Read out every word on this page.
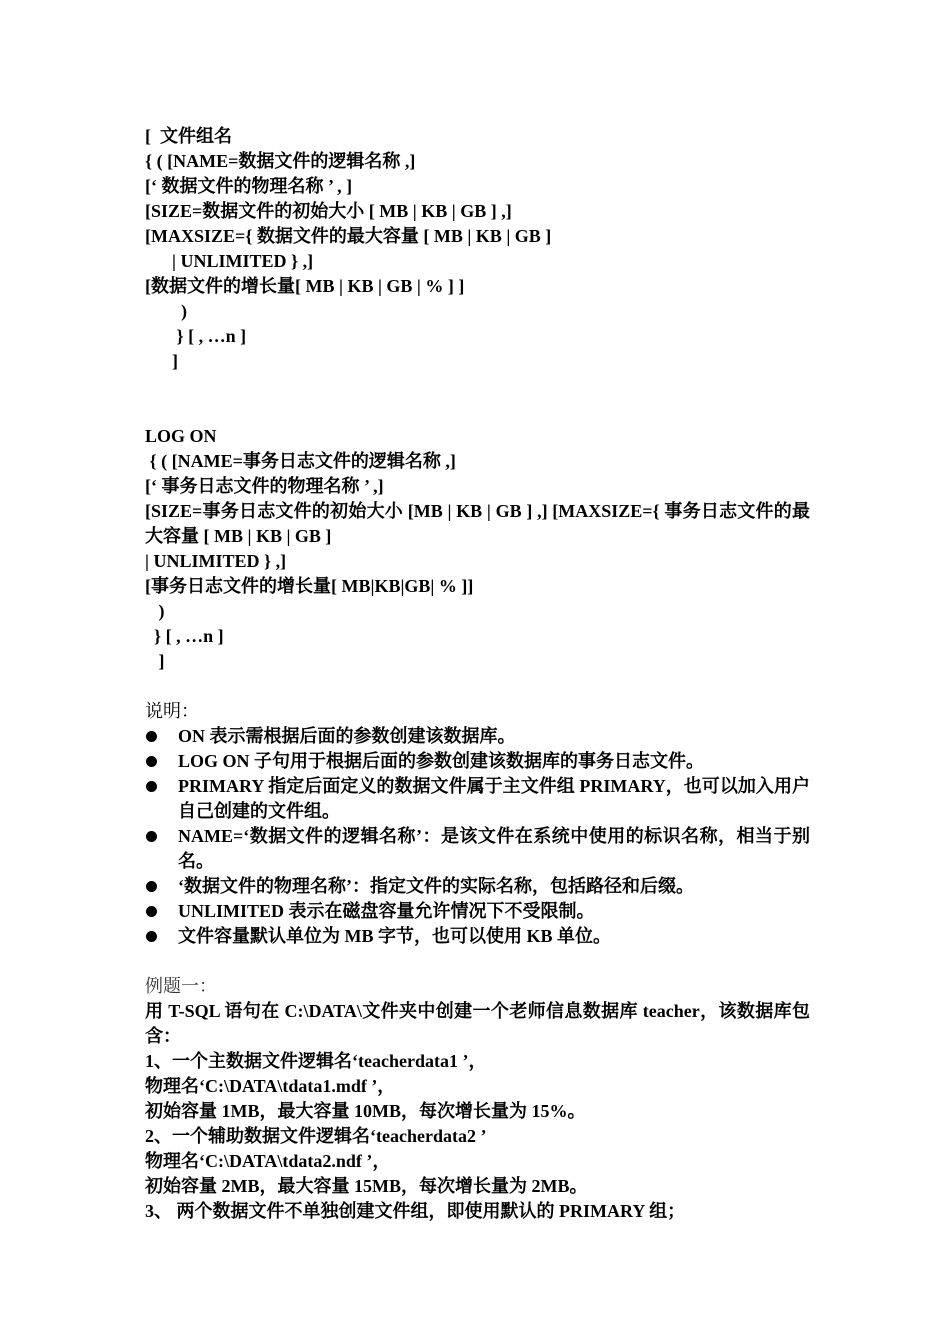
[  文件组名
{ ( [NAME=数据文件的逻辑名称 ,]
[‘ 数据文件的物理名称 ’ , ]
[SIZE=数据文件的初始大小 [ MB | KB | GB ] ,]
[MAXSIZE={ 数据文件的最大容量 [ MB | KB | GB ]
| UNLIMITED } ,]
[数据文件的增长量[ MB | KB | GB | % ] ]
)
} [ , …n ]
]
LOG ON
{ ( [NAME=事务日志文件的逻辑名称 ,]
[‘ 事务日志文件的物理名称 ’ ,]
[SIZE=事务日志文件的初始大小 [MB | KB | GB ] ,] [MAXSIZE={ 事务日志文件的最大容量 [ MB | KB | GB ]
| UNLIMITED } ,]
[事务日志文件的增长量[ MB|KB|GB| % ]]
)
} [ , …n ]
]
说明：
ON 表示需根据后面的参数创建该数据库。
LOG ON 子句用于根据后面的参数创建该数据库的事务日志文件。
PRIMARY 指定后面定义的数据文件属于主文件组 PRIMARY，也可以加入用户自己创建的文件组。
NAME=‘数据文件的逻辑名称’：是该文件在系统中使用的标识名称，相当于别名。
‘数据文件的物理名称’：指定文件的实际名称，包括路径和后缀。
UNLIMITED 表示在磁盘容量允许情况下不受限制。
文件容量默认单位为 MB 字节，也可以使用 KB 单位。
例题一：
用 T-SQL 语句在 C:\DATA\文件夹中创建一个老师信息数据库 teacher，该数据库包含：
1、一个主数据文件逻辑名‘teacherdata1 ’，
物理名‘C:\DATA\tdata1.mdf ’，
初始容量 1MB，最大容量 10MB，每次增长量为 15%。
2、一个辅助数据文件逻辑名‘teacherdata2 ’
物理名‘C:\DATA\tdata2.ndf ’，
初始容量 2MB，最大容量 15MB，每次增长量为 2MB。
3、 两个数据文件不单独创建文件组，即使用默认的 PRIMARY 组；
